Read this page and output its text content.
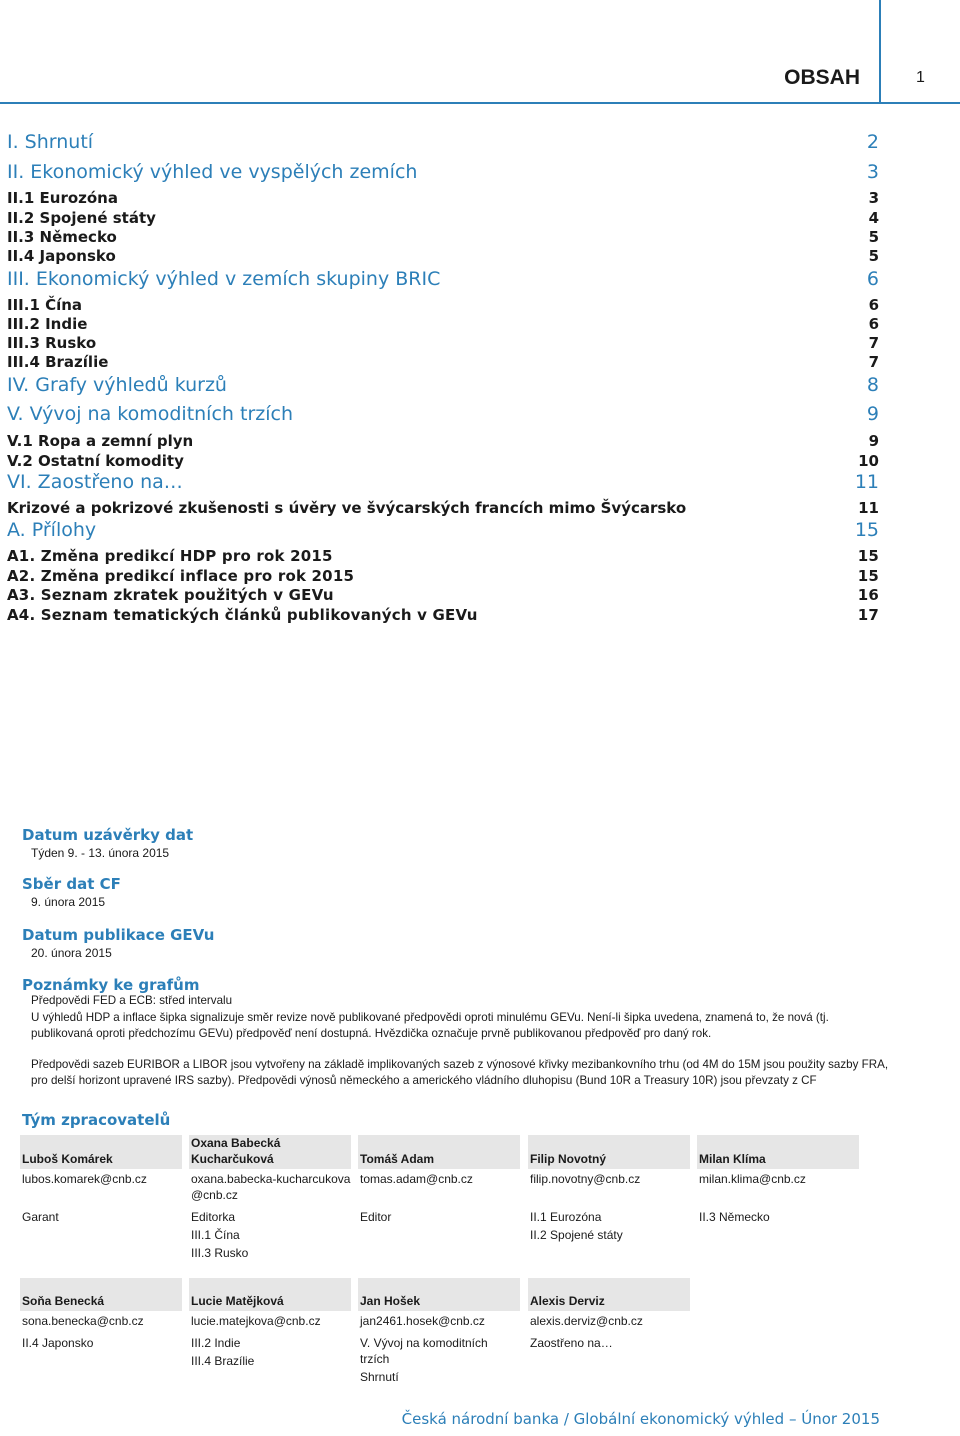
OBSAH	1
I. Shrnutí	2
II. Ekonomický výhled ve vyspělých zemích	3
II.1 Eurozóna	3
II.2 Spojené státy	4
II.3 Německo	5
II.4 Japonsko	5
III. Ekonomický výhled v zemích skupiny BRIC	6
III.1 Čína	6
III.2 Indie	6
III.3 Rusko	7
III.4 Brazílie	7
IV. Grafy výhledů kurzů	8
V. Vývoj na komoditních trzích	9
V.1 Ropa a zemní plyn	9
V.2 Ostatní komodity	10
VI. Zaostřeno na…	11
Krizové a pokrizové zkušenosti s úvěry ve švýcarských francích mimo Švýcarsko	11
A. Přílohy	15
A1. Změna predikcí HDP pro rok 2015	15
A2. Změna predikcí inflace pro rok 2015	15
A3. Seznam zkratek použitých v GEVu	16
A4. Seznam tematických článků publikovaných v GEVu	17
Datum uzávěrky dat
Týden 9. - 13. února 2015
Sběr dat CF
9. února 2015
Datum publikace GEVu
20. února 2015
Poznámky ke grafům
Předpovědi FED a ECB: střed intervalu
U výhledů HDP a inflace šipka signalizuje směr revize nově publikované předpovědi oproti minulému GEVu. Není-li šipka uvedena, znamená to, že nová (tj.
publikovaná oproti předchozímu GEVu) předpověď není dostupná. Hvězdička označuje prvně publikovanou předpověď pro daný rok.
Předpovědi sazeb EURIBOR a LIBOR jsou vytvořeny na základě implikovaných sazeb z výnosové křivky mezibankovního trhu (od 4M do 15M jsou použity sazby FRA,
pro delší horizont upravené IRS sazby). Předpovědi výnosů německého a amerického vládního dluhopisu (Bund 10R a Treasury 10R) jsou převzaty z CF
Tým zpracovatelů
Luboš Komárek
lubos.komarek@cnb.cz
Garant
Oxana Babecká Kucharčuková
oxana.babecka-kucharcukova@cnb.cz
Editorka
III.1 Čína
III.3 Rusko
Tomáš Adam
tomas.adam@cnb.cz
Editor
Filip Novotný
filip.novotny@cnb.cz
II.1 Eurozóna
II.2 Spojené státy
Milan Klíma
milan.klima@cnb.cz
II.3 Německo
Soňa Benecká
sona.benecka@cnb.cz
II.4 Japonsko
Lucie Matějková
lucie.matejkova@cnb.cz
III.2 Indie
III.4 Brazílie
Jan Hošek
jan2461.hosek@cnb.cz
V. Vývoj na komoditních trzích
Shrnutí
Alexis Derviz
alexis.derviz@cnb.cz
Zaostřeno na…
Česká národní banka / Globální ekonomický výhled – Únor 2015
